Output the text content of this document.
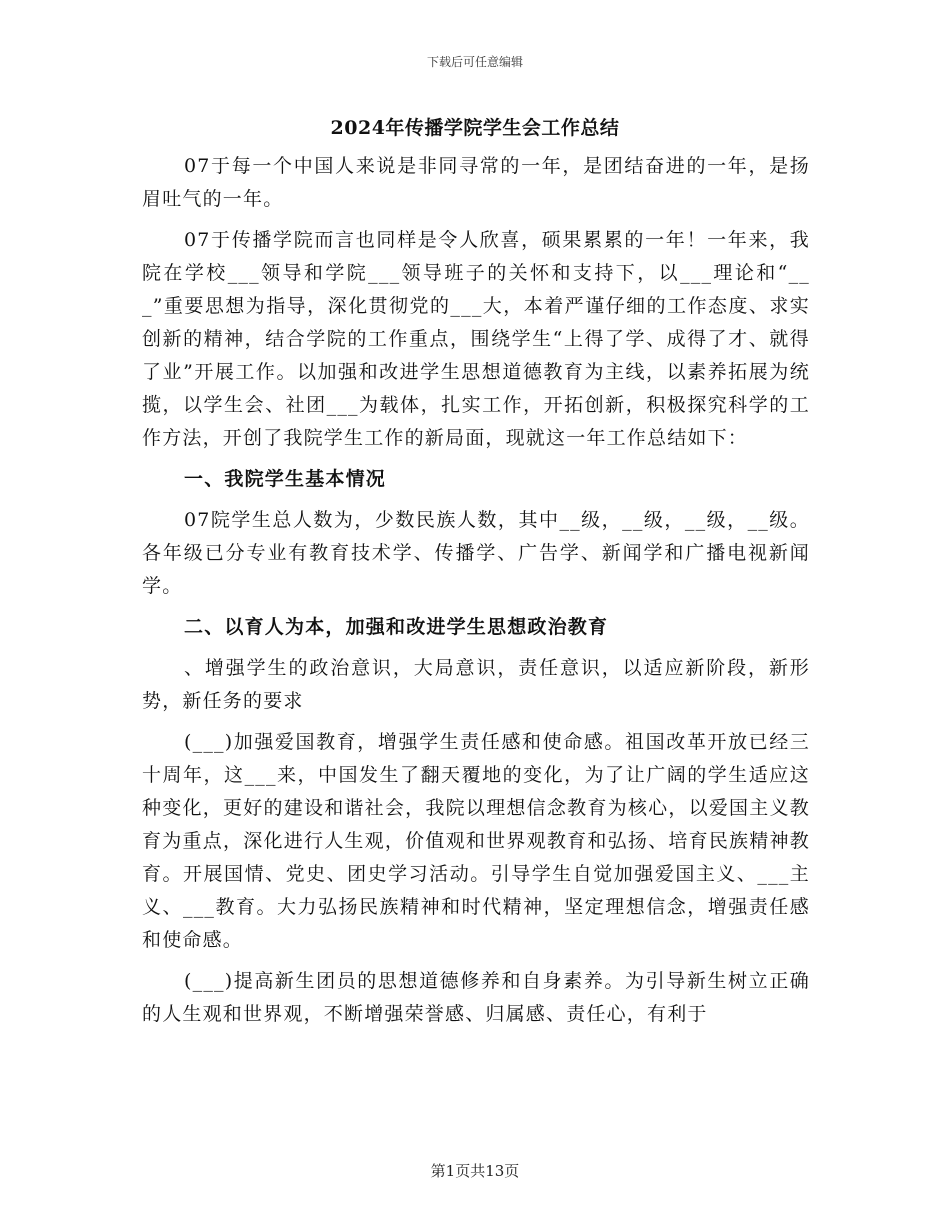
下载后可任意编辑
2024年传播学院学生会工作总结

07于每一个中国人来说是非同寻常的一年，是团结奋进的一年，是扬眉吐气的一年。

07于传播学院而言也同样是令人欣喜，硕果累累的一年！一年来，我院在学校___领导和学院___领导班子的关怀和支持下，以___理论和“___”重要思想为指导，深化贯彻党的___大，本着严谨仔细的工作态度、求实创新的精神，结合学院的工作重点，围绕学生“上得了学、成得了才、就得了业”开展工作。以加强和改进学生思想道德教育为主线，以素养拓展为统揽，以学生会、社团___为载体，扎实工作，开拓创新，积极探究科学的工作方法，开创了我院学生工作的新局面，现就这一年工作总结如下：

一、我院学生基本情况

07院学生总人数为，少数民族人数，其中__级，__级，__级，__级。各年级已分专业有教育技术学、传播学、广告学、新闻学和广播电视新闻学。

二、以育人为本，加强和改进学生思想政治教育

、增强学生的政治意识，大局意识，责任意识，以适应新阶段，新形势，新任务的要求

(___)加强爱国教育，增强学生责任感和使命感。祖国改革开放已经三十周年，这___来，中国发生了翻天覆地的变化，为了让广阔的学生适应这种变化，更好的建设和谐社会，我院以理想信念教育为核心，以爱国主义教育为重点，深化进行人生观，价值观和世界观教育和弘扬、培育民族精神教育。开展国情、党史、团史学习活动。引导学生自觉加强爱国主义、___主义、___教育。大力弘扬民族精神和时代精神，坚定理想信念，增强责任感和使命感。

(___)提高新生团员的思想道德修养和自身素养。为引导新生树立正确的人生观和世界观，不断增强荣誉感、归属感、责任心，有利于

第1页共13页
